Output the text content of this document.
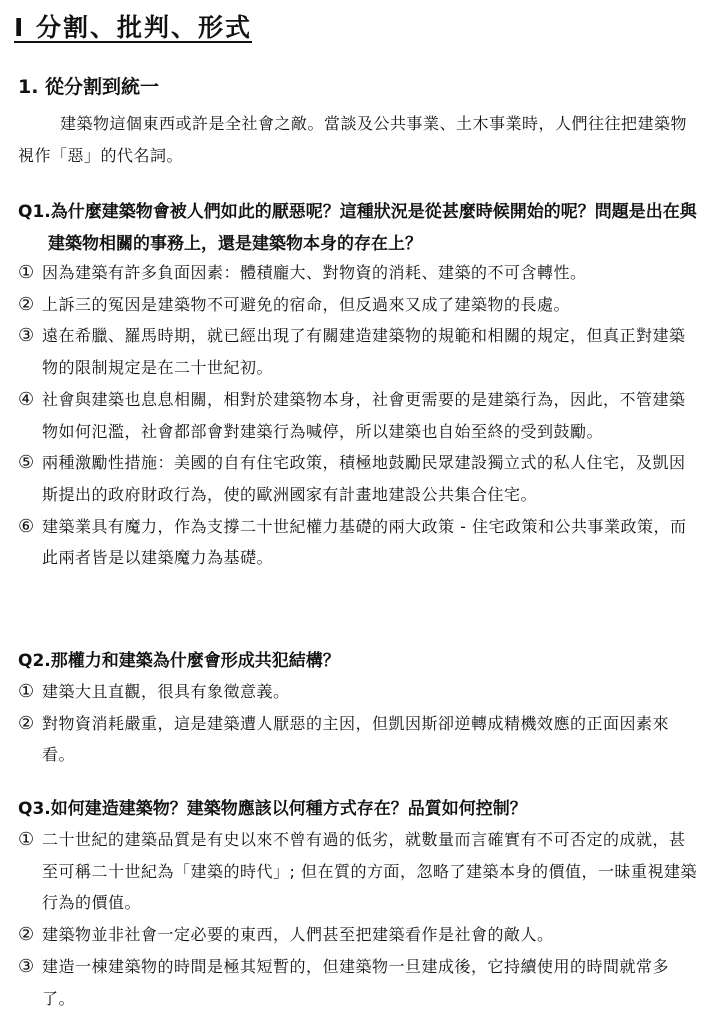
I 分割、批判、形式
1. 從分割到統一

建築物這個東西或許是全社會之敵。當談及公共事業、土木事業時，人們往往把建築物視作「惡」的代名詞。

Q1.為什麼建築物會被人們如此的厭惡呢？這種狀況是從甚麼時候開始的呢？問題是出在與建築物相關的事務上，還是建築物本身的存在上？

① 因為建築有許多負面因素：體積龐大、對物資的消耗、建築的不可含轉性。
② 上訴三的冤因是建築物不可避免的宿命，但反過來又成了建築物的長處。
③ 遠在希臘、羅馬時期，就已經出現了有關建造建築物的規範和相關的規定，但真正對建築物的限制規定是在二十世紀初。
④ 社會與建築也息息相關，相對於建築物本身，社會更需要的是建築行為，因此，不管建築物如何氾濫，社會都部會對建築行為喊停，所以建築也自始至終的受到鼓勵。
⑤ 兩種激勵性措施：美國的自有住宅政策，積極地鼓勵民眾建設獨立式的私人住宅，及凱因斯提出的政府財政行為，使的歐洲國家有計畫地建設公共集合住宅。
⑥ 建築業具有魔力，作為支撐二十世紀權力基礎的兩大政策 - 住宅政策和公共事業政策，而此兩者皆是以建築魔力為基礎。

Q2.那權力和建築為什麼會形成共犯結構？

① 建築大且直觀，很具有象徵意義。
② 對物資消耗嚴重，這是建築遭人厭惡的主因，但凱因斯卻逆轉成精機效應的正面因素來看。

Q3.如何建造建築物？建築物應該以何種方式存在？品質如何控制？

① 二十世紀的建築品質是有史以來不曾有過的低劣，就數量而言確實有不可否定的成就，甚至可稱二十世紀為「建築的時代」; 但在質的方面，忽略了建築本身的價值，一昧重視建築行為的價值。
② 建築物並非社會一定必要的東西，人們甚至把建築看作是社會的敵人。
③ 建造一棟建築物的時間是極其短暫的，但建築物一旦建成後，它持續使用的時間就常多了。
